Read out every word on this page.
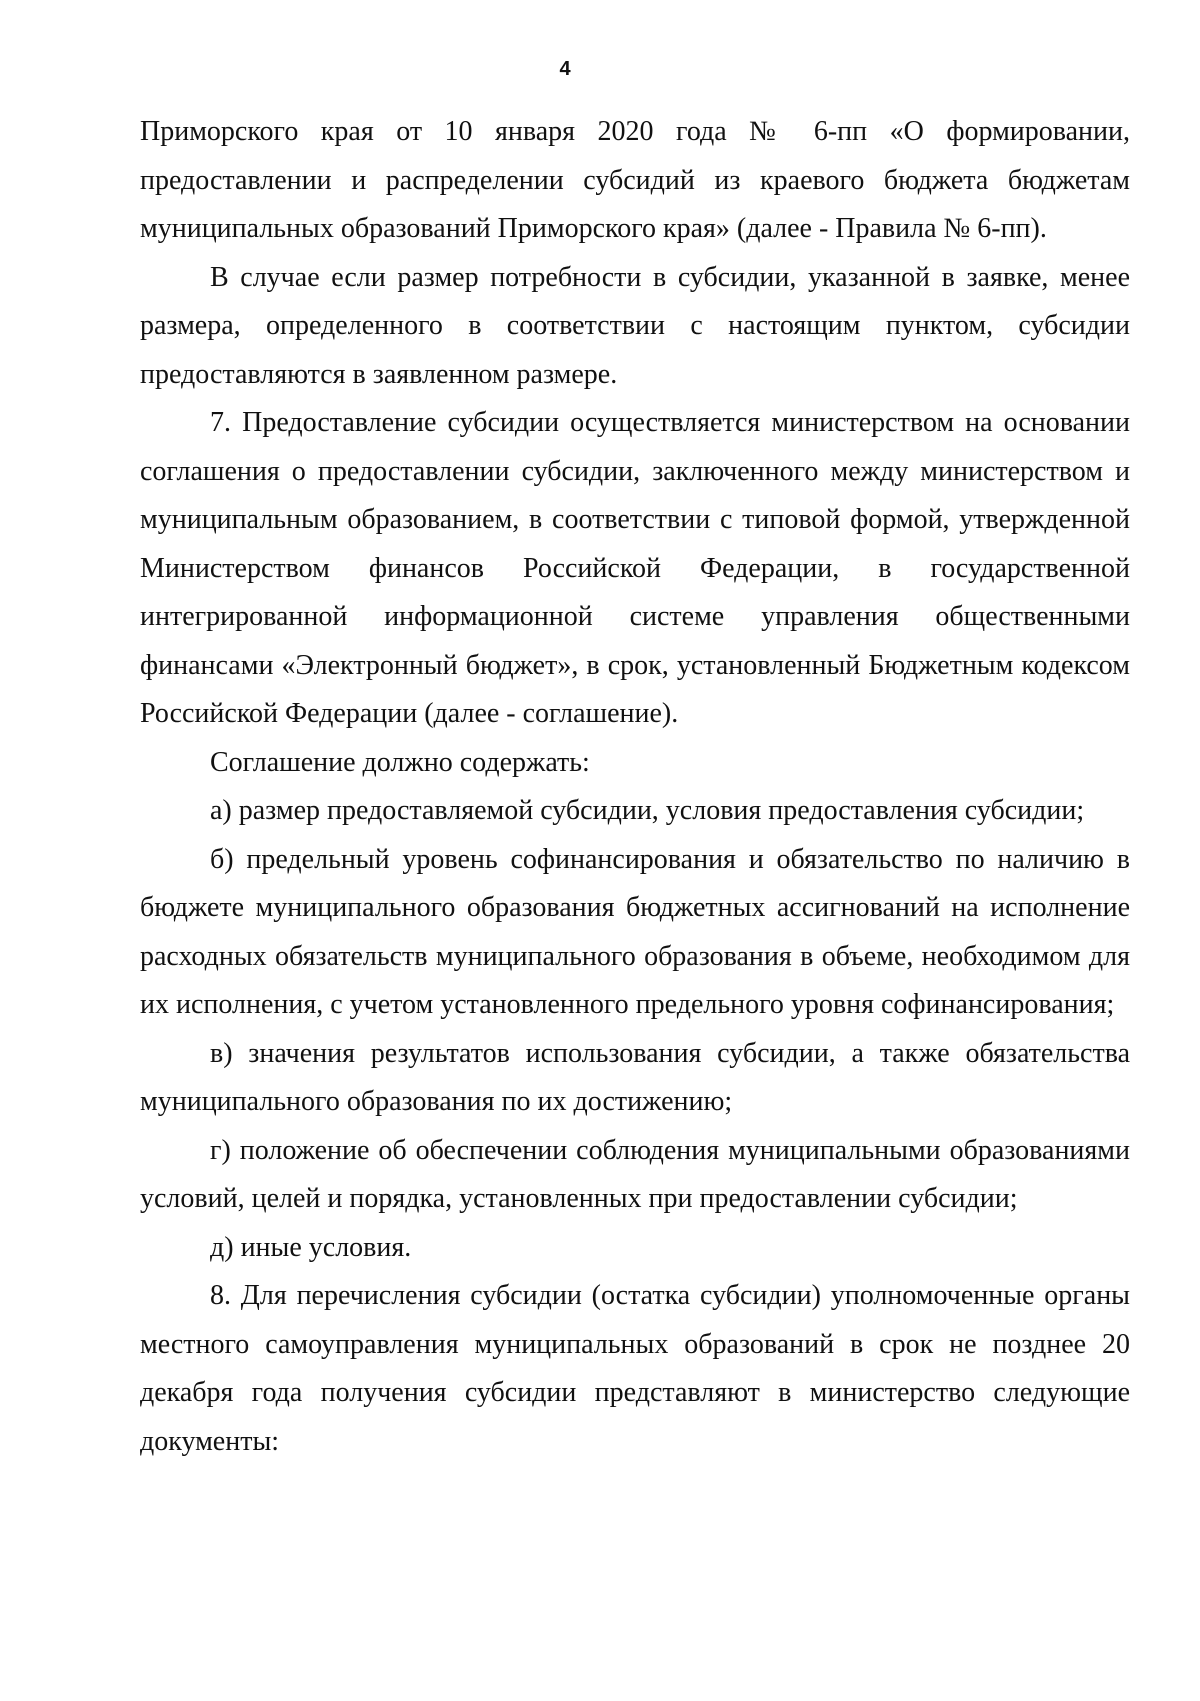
4

Приморского края от 10 января 2020 года № 6-пп «О формировании, предоставлении и распределении субсидий из краевого бюджета бюджетам муниципальных образований Приморского края» (далее - Правила № 6-пп).

В случае если размер потребности в субсидии, указанной в заявке, менее размера, определенного в соответствии с настоящим пунктом, субсидии предоставляются в заявленном размере.

7. Предоставление субсидии осуществляется министерством на основании соглашения о предоставлении субсидии, заключенного между министерством и муниципальным образованием, в соответствии с типовой формой, утвержденной Министерством финансов Российской Федерации, в государственной интегрированной информационной системе управления общественными финансами «Электронный бюджет», в срок, установленный Бюджетным кодексом Российской Федерации (далее - соглашение).

Соглашение должно содержать:

а) размер предоставляемой субсидии, условия предоставления субсидии;

б) предельный уровень софинансирования и обязательство по наличию в бюджете муниципального образования бюджетных ассигнований на исполнение расходных обязательств муниципального образования в объеме, необходимом для их исполнения, с учетом установленного предельного уровня софинансирования;

в) значения результатов использования субсидии, а также обязательства муниципального образования по их достижению;

г) положение об обеспечении соблюдения муниципальными образованиями условий, целей и порядка, установленных при предоставлении субсидии;

д) иные условия.

8. Для перечисления субсидии (остатка субсидии) уполномоченные органы местного самоуправления муниципальных образований в срок не позднее 20 декабря года получения субсидии представляют в министерство следующие документы:
